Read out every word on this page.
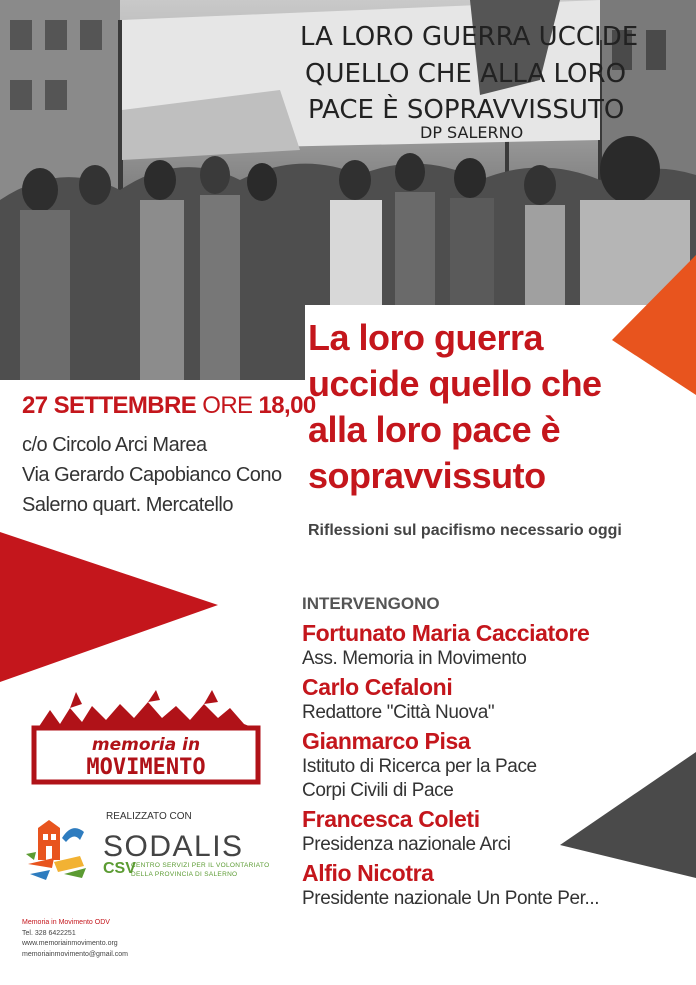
LA LORO GUERRA UCCIDE
QUELLO CHE ALLA LORO
PACE È SOPRAVVISSUTO
DP SALERNO
La loro guerra
uccide quello che
alla loro pace è
sopravvissuto
Riflessioni sul pacifismo necessario oggi
27 SETTEMBRE ORE 18,00
c/o Circolo Arci Marea
Via Gerardo Capobianco Cono
Salerno quart. Mercatello
INTERVENGONO
Fortunato Maria Cacciatore
Ass. Memoria in Movimento
Carlo Cefaloni
Redattore "Città Nuova"
Gianmarco Pisa
Istituto di Ricerca per la Pace
Corpi Civili di Pace
Francesca Coleti
Presidenza nazionale Arci
Alfio Nicotra
Presidente nazionale Un Ponte Per...
memoria in
MOVIMENTO
REALIZZATO CON
SODALIS
CSV
CENTRO SERVIZI PER IL VOLONTARIATO
DELLA PROVINCIA DI SALERNO
Memoria in Movimento ODV
Tel. 328 6422251
www.memoriainmovimento.org
memoriainmovimento@gmail.com
